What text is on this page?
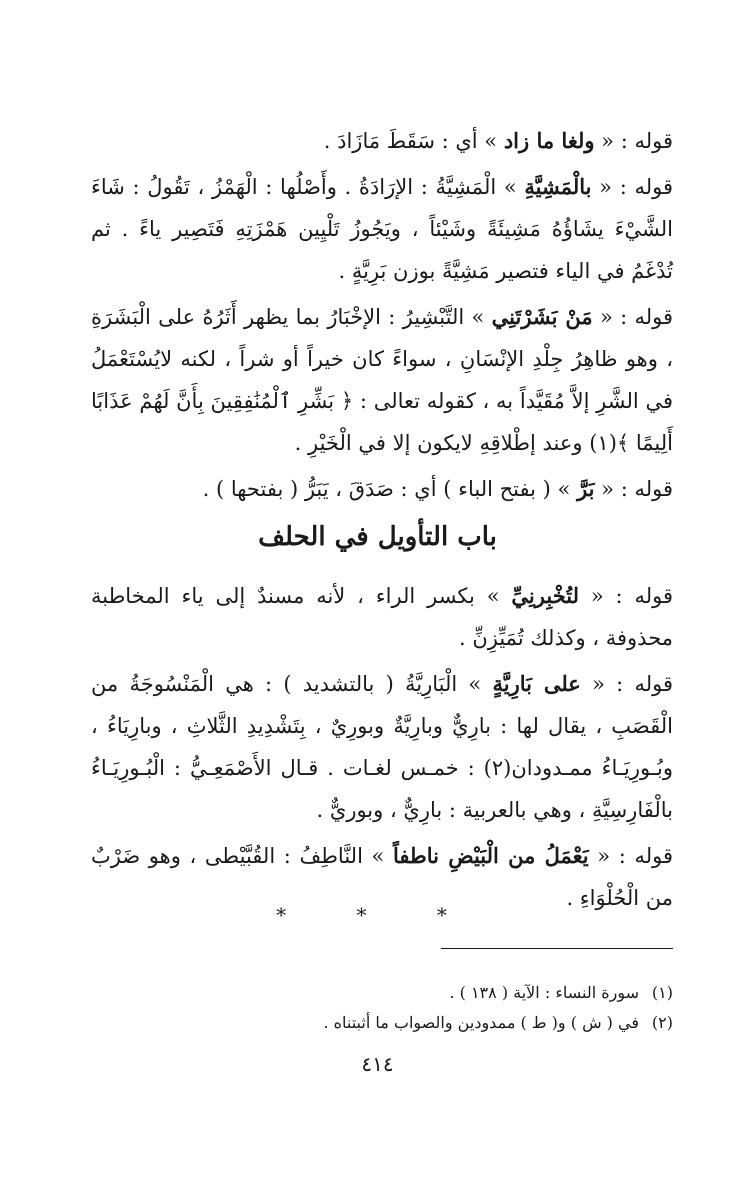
قوله : « ولغا ما زاد » أي : سَقَطَ مَازَادَ .

قوله : « بالْمَشِيَّةِ » الْمَشِيَّةُ : الإرَادَةُ . وأَصْلُها : الْهَمْزُ ، تَقُولُ : شَاءَ الشَّيْءَ يشَاؤُهُ مَشِيئَةً وشَيْئاً ، ويَجُوزُ تَلْيِين هَمْزَتِهِ فَتَصِير ياءً . ثم تُدْغَمُ في الياء فتصير مَشِيَّةً بوزن بَرِيَّةٍ .

قوله : « مَنْ بَشَرْتَنِي » التَّبْشِيرُ : الإخْبَارُ بما يظهر أَثَرُهُ على الْبَشَرَةِ ، وهو ظاهِرُ جِلْدِ الإنْسَانِ ، سواءً كان خيراً أو شراً ، لكنه لايُسْتَعْمَلُ في الشَّرِ إلاَّ مُقَيَّداً به ، كقوله تعالى : ﴿ بَشِّرِ ٱلْمُنَٰفِقِينَ بِأَنَّ لَهُمْ عَذَابًا أَلِيمًا ﴾(١) وعند إطْلاقِهِ لايكون إلا في الْخَيْرِ .

قوله : « بَرَّ » ( بفتح الباء ) أي : صَدَقَ ، يَبَرُّ ( بفتحها ) .

باب التأويل في الحلف

قوله : « لتُخْبِرنِيِّ » بكسر الراء ، لأنه مسندٌ إلى ياء المخاطبة محذوفة ، وكذلك تُمَيِّزِنِّ .

قوله : « على بَارِيَّةٍ » الْبَارِيَّةُ ( بالتشديد ) : هي الْمَنْسُوجَةُ من الْقَصَبِ ، يقال لها : بارِيٌّ وبارِيَّةٌ وبورِيٌ ، بِتَشْدِيدِ الثَّلاثِ ، وبارِيَاءُ ، وبُـورِيَـاءُ ممـدودان(٢) : خمـس لغـات . قـال الأَصْمَعِـيُّ : الْبُـورِيَـاءُ بالْفَارِسِيَّةِ ، وهي بالعربية : بارِيٌّ ، وبوريٌّ .

قوله : « يَعْمَلُ من الْبَيْضِ ناطفاً » النَّاطِفُ : القُبَّيْطى ، وهو ضَرْبٌ من الْحُلْوَاءِ .

* * *
(١)سورة النساء : الآية ( ١٣٨ ) .
(٢)في ( ش ) و( ط ) ممدودين والصواب ما أثبتناه .
٤١٤
